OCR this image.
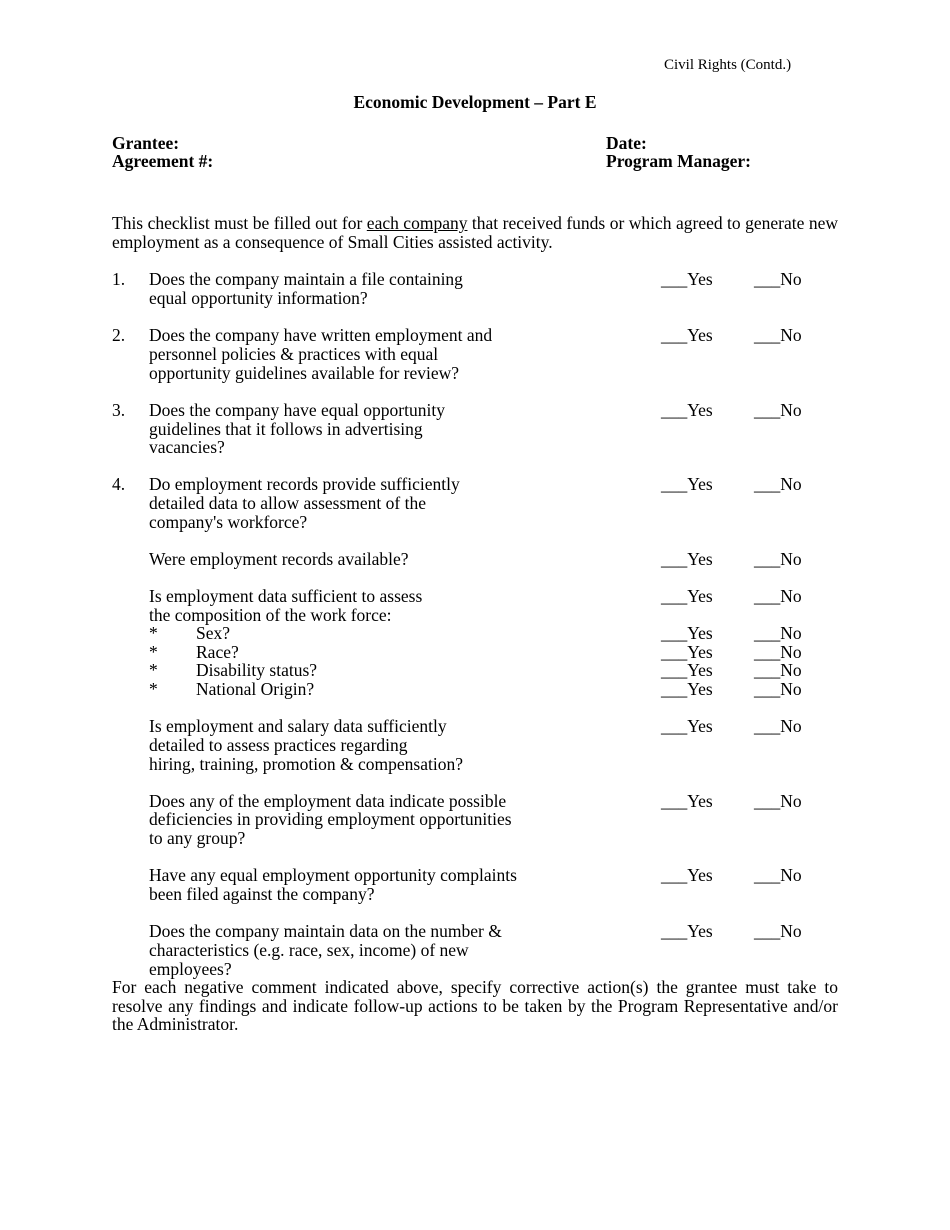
Civil Rights (Contd.)
Economic Development – Part E
Grantee:
Agreement #:
Date:
Program Manager:
This checklist must be filled out for each company that received funds or which agreed to generate new employment as a consequence of Small Cities assisted activity.
1. Does the company maintain a file containing
equal opportunity information?
___Yes ___No
2. Does the company have written employment and
personnel policies & practices with equal
opportunity guidelines available for review?
___Yes ___No
3. Does the company have equal opportunity
guidelines that it follows in advertising
vacancies?
___Yes ___No
4. Do employment records provide sufficiently
detailed data to allow assessment of the
company's workforce?
___Yes ___No
Were employment records available?	___Yes ___No
Is employment data sufficient to assess
the composition of the work force:
___Yes ___No
* Sex?	___Yes ___No
* Race?	___Yes ___No
* Disability status?	___Yes ___No
* National Origin?	___Yes ___No
Is employment and salary data sufficiently
detailed to assess practices regarding
hiring, training, promotion & compensation?
___Yes ___No
Does any of the employment data indicate possible
deficiencies in providing employment opportunities
to any group?
___Yes ___No
Have any equal employment opportunity complaints
been filed against the company?
___Yes ___No
Does the company maintain data on the number &
characteristics (e.g. race, sex, income) of new
employees?
___Yes ___No
For each negative comment indicated above, specify corrective action(s) the grantee must take to resolve any findings and indicate follow-up actions to be taken by the Program Representative and/or the Administrator.
